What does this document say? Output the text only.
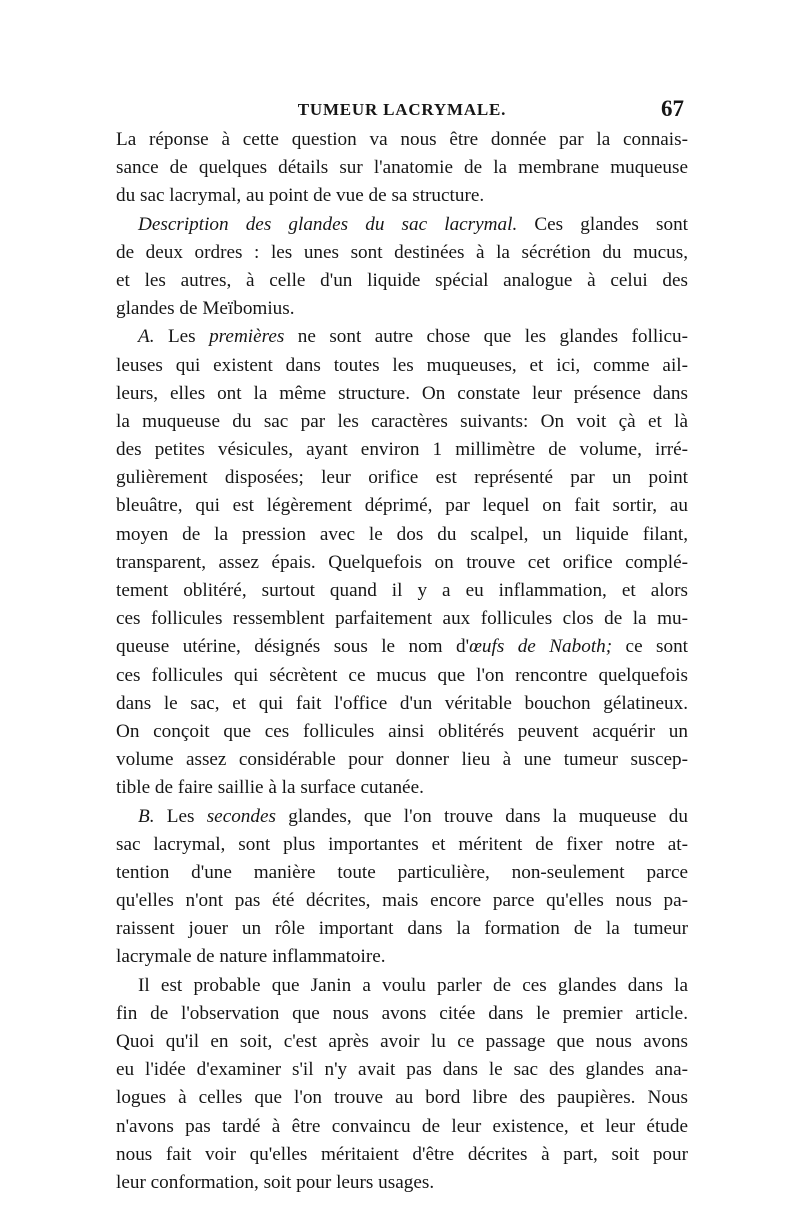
TUMEUR LACRYMALE.	67
La réponse à cette question va nous être donnée par la connais-
sance de quelques détails sur l'anatomie de la membrane muqueuse
du sac lacrymal, au point de vue de sa structure.
Description des glandes du sac lacrymal. Ces glandes sont
de deux ordres : les unes sont destinées à la sécrétion du mucus,
et les autres, à celle d'un liquide spécial analogue à celui des
glandes de Meïbomius.
A. Les premières ne sont autre chose que les glandes follicu-
leuses qui existent dans toutes les muqueuses, et ici, comme ail-
leurs, elles ont la même structure. On constate leur présence dans
la muqueuse du sac par les caractères suivants: On voit çà et là
des petites vésicules, ayant environ 1 millimètre de volume, irré-
gulièrement disposées; leur orifice est représenté par un point
bleuâtre, qui est légèrement déprimé, par lequel on fait sortir, au
moyen de la pression avec le dos du scalpel, un liquide filant,
transparent, assez épais. Quelquefois on trouve cet orifice complé-
tement oblitéré, surtout quand il y a eu inflammation, et alors
ces follicules ressemblent parfaitement aux follicules clos de la mu-
queuse utérine, désignés sous le nom d'œufs de Naboth; ce sont
ces follicules qui sécrètent ce mucus que l'on rencontre quelquefois
dans le sac, et qui fait l'office d'un véritable bouchon gélatineux.
On conçoit que ces follicules ainsi oblitérés peuvent acquérir un
volume assez considérable pour donner lieu à une tumeur suscep-
tible de faire saillie à la surface cutanée.
B. Les secondes glandes, que l'on trouve dans la muqueuse du
sac lacrymal, sont plus importantes et méritent de fixer notre at-
tention d'une manière toute particulière, non-seulement parce
qu'elles n'ont pas été décrites, mais encore parce qu'elles nous pa-
raissent jouer un rôle important dans la formation de la tumeur
lacrymale de nature inflammatoire.
Il est probable que Janin a voulu parler de ces glandes dans la
fin de l'observation que nous avons citée dans le premier article.
Quoi qu'il en soit, c'est après avoir lu ce passage que nous avons
eu l'idée d'examiner s'il n'y avait pas dans le sac des glandes ana-
logues à celles que l'on trouve au bord libre des paupières. Nous
n'avons pas tardé à être convaincu de leur existence, et leur étude
nous fait voir qu'elles méritaient d'être décrites à part, soit pour
leur conformation, soit pour leurs usages.
